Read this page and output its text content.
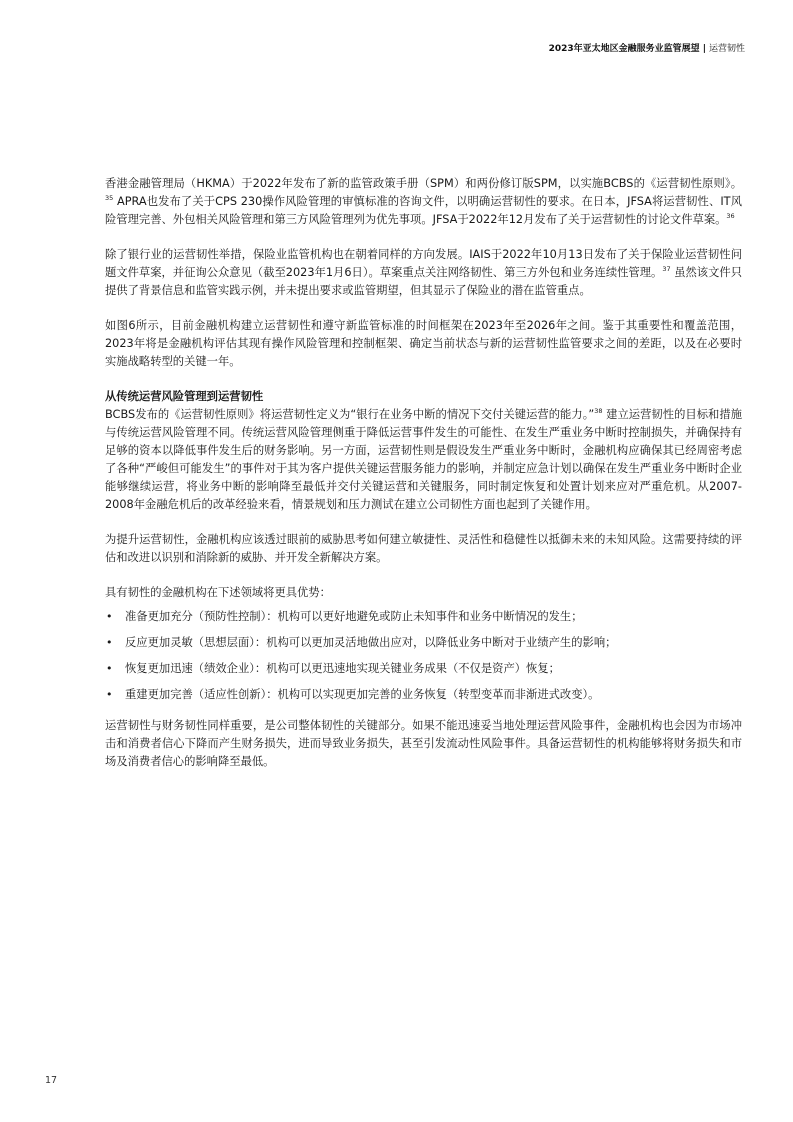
2023年亚太地区金融服务业监管展望 | 运营韧性

香港金融管理局（HKMA）于2022年发布了新的监管政策手册（SPM）和两份修订版SPM，以实施BCBS的《运营韧性原则》。$^{35}$ APRA也发布了关于CPS 230操作风险管理的审慎标准的咨询文件，以明确运营韧性的要求。在日本，JFSA将运营韧性、IT风险管理完善、外包相关风险管理和第三方风险管理列为优先事项。JFSA于2022年12月发布了关于运营韧性的讨论文件草案。$^{36}$

除了银行业的运营韧性举措，保险业监管机构也在朝着同样的方向发展。IAIS于2022年10月13日发布了关于保险业运营韧性问题文件草案，并征询公众意见（截至2023年1月6日）。草案重点关注网络韧性、第三方外包和业务连续性管理。$^{37}$ 虽然该文件只提供了背景信息和监管实践示例，并未提出要求或监管期望，但其显示了保险业的潜在监管重点。

如图6所示，目前金融机构建立运营韧性和遵守新监管标准的时间框架在2023年至2026年之间。鉴于其重要性和覆盖范围，2023年将是金融机构评估其现有操作风险管理和控制框架、确定当前状态与新的运营韧性监管要求之间的差距，以及在必要时实施战略转型的关键一年。

从传统运营风险管理到运营韧性

BCBS发布的《运营韧性原则》将运营韧性定义为“银行在业务中断的情况下交付关键运营的能力。”$^{38}$ 建立运营韧性的目标和措施与传统运营风险管理不同。传统运营风险管理侧重于降低运营事件发生的可能性、在发生严重业务中断时控制损失，并确保持有足够的资本以降低事件发生后的财务影响。另一方面，运营韧性则是假设发生严重业务中断时，金融机构应确保其已经周密考虑了各种“严峻但可能发生”的事件对于其为客户提供关键运营服务能力的影响，并制定应急计划以确保在发生严重业务中断时企业能够继续运营，将业务中断的影响降至最低并交付关键运营和关键服务，同时制定恢复和处置计划来应对严重危机。从2007-2008年金融危机后的改革经验来看，情景规划和压力测试在建立公司韧性方面也起到了关键作用。

为提升运营韧性，金融机构应该透过眼前的威胁思考如何建立敏捷性、灵活性和稳健性以抵御未来的未知风险。这需要持续的评估和改进以识别和消除新的威胁、并开发全新解决方案。

具有韧性的金融机构在下述领域将更具优势：

• 准备更加充分（预防性控制）：机构可以更好地避免或防止未知事件和业务中断情况的发生；
• 反应更加灵敏（思想层面）：机构可以更加灵活地做出应对，以降低业务中断对于业绩产生的影响；
• 恢复更加迅速（绩效企业）：机构可以更迅速地实现关键业务成果（不仅是资产）恢复；
• 重建更加完善（适应性创新）：机构可以实现更加完善的业务恢复（转型变革而非渐进式改变）。

运营韧性与财务韧性同样重要，是公司整体韧性的关键部分。如果不能迅速妥当地处理运营风险事件，金融机构也会因为市场冲击和消费者信心下降而产生财务损失，进而导致业务损失，甚至引发流动性风险事件。具备运营韧性的机构能够将财务损失和市场及消费者信心的影响降至最低。

17
